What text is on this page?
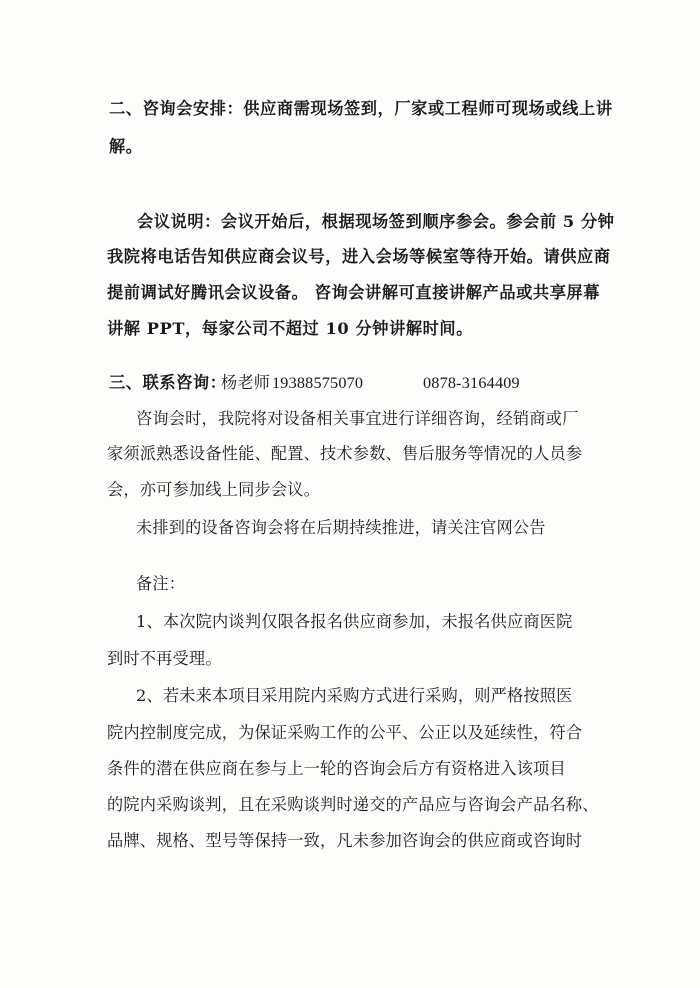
二、咨询会安排：供应商需现场签到，厂家或工程师可现场或线上讲
解。
会议说明：会议开始后，根据现场签到顺序参会。参会前 5 分钟
我院将电话告知供应商会议号，进入会场等候室等待开始。请供应商
提前调试好腾讯会议设备。 咨询会讲解可直接讲解产品或共享屏幕
讲解 PPT，每家公司不超过 10 分钟讲解时间。
三、联系咨询：
杨老师 19388575070	0878-3164409
咨询会时，我院将对设备相关事宜进行详细咨询，经销商或厂
家须派熟悉设备性能、配置、技术参数、售后服务等情况的人员参
会，亦可参加线上同步会议。
未排到的设备咨询会将在后期持续推进，请关注官网公告
备注：
1、本次院内谈判仅限各报名供应商参加，未报名供应商医院
到时不再受理。
2、若未来本项目采用院内采购方式进行采购，则严格按照医
院内控制度完成，为保证采购工作的公平、公正以及延续性，符合
条件的潜在供应商在参与上一轮的咨询会后方有资格进入该项目
的院内采购谈判，且在采购谈判时递交的产品应与咨询会产品名称、
品牌、规格、型号等保持一致，凡未参加咨询会的供应商或咨询时
